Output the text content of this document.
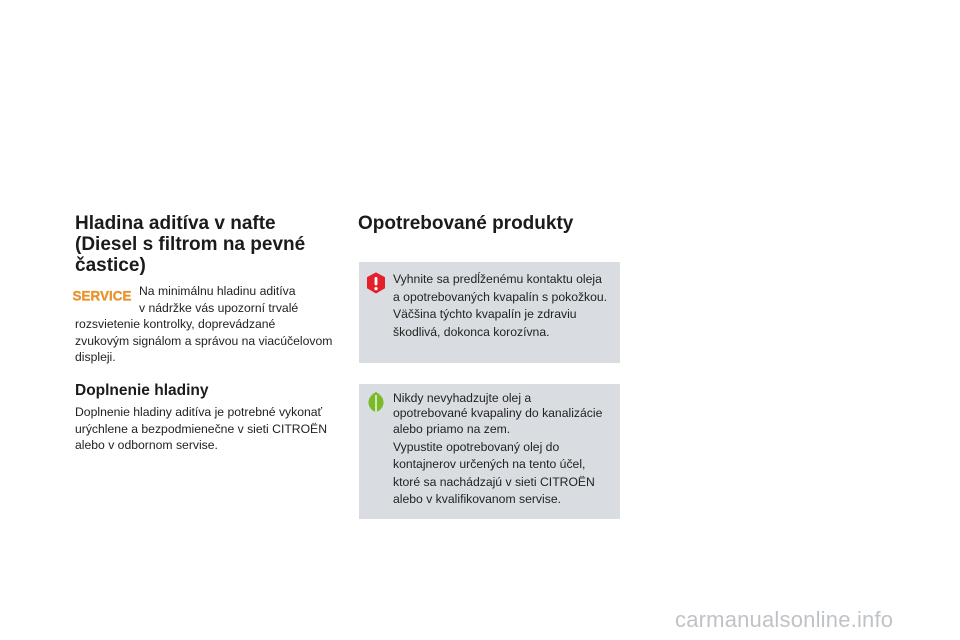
Hladina aditíva v nafte
(Diesel s filtrom na pevné
častice)
SERVICE Na minimálnu hladinu aditíva

v nádržke vás upozorní trvalé

rozsvietenie kontrolky, doprevádzané

zvukovým signálom a správou na viacúčelovom

displeji.

Doplnenie hladiny

Doplnenie hladiny aditíva je potrebné vykonať

urýchlene a bezpodmienečne v sieti CITROËN

alebo v odbornom servise.

Opotrebované produkty

Vyhnite sa predĺženému kontaktu oleja

a opotrebovaných kvapalín s pokožkou.

Väčšina týchto kvapalín je zdraviu

škodlivá, dokonca korozívna.

Nikdy nevyhadzujte olej a

opotrebované kvapaliny do kanalizácie

alebo priamo na zem.

Vypustite opotrebovaný olej do

kontajnerov určených na tento účel,

ktoré sa nachádzajú v sieti CITROËN

alebo v kvalifikovanom servise.

carmanualsonline.info
